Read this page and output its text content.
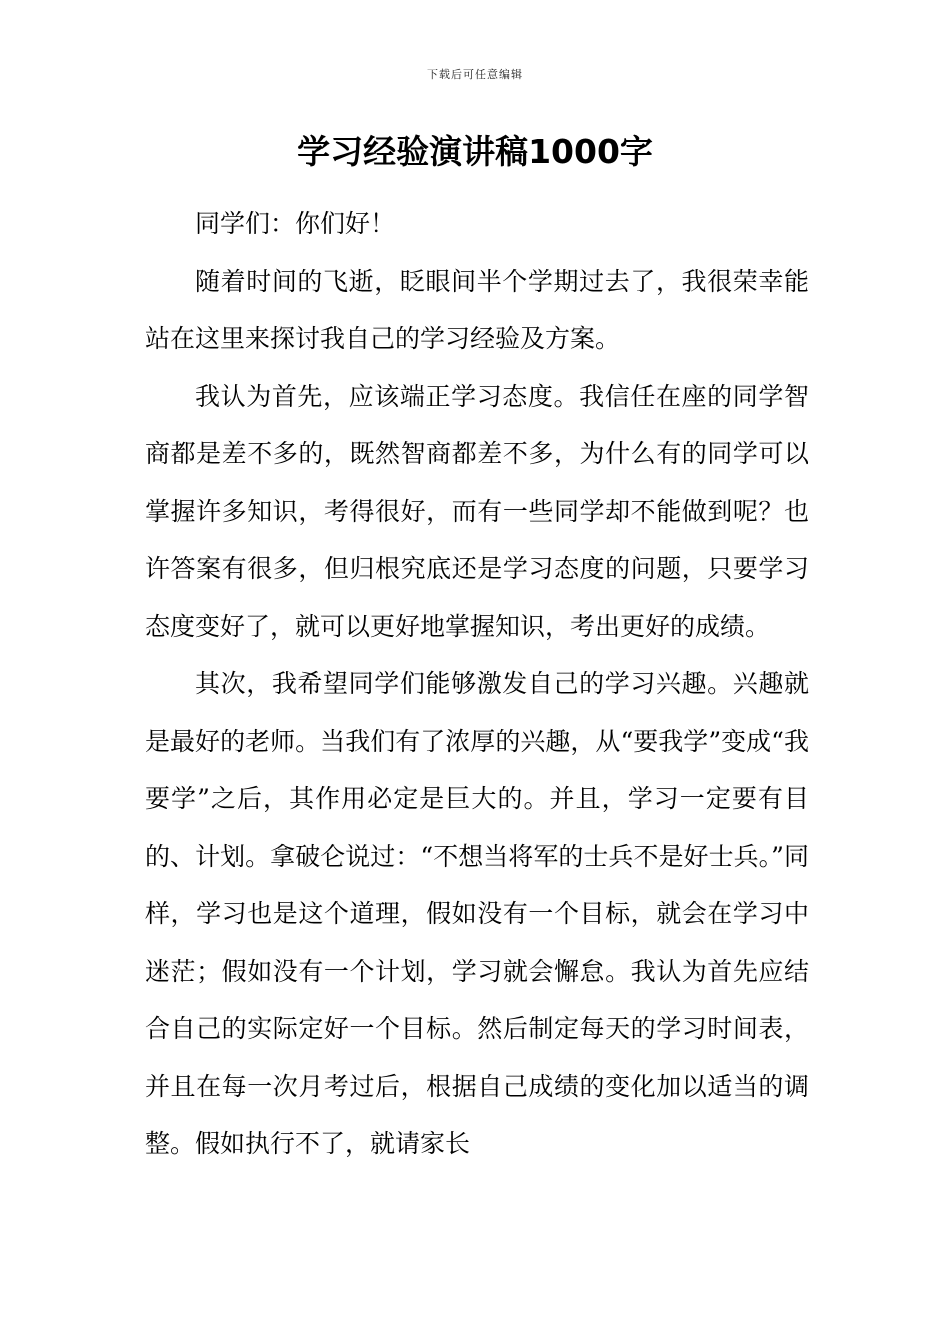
下载后可任意编辑
学习经验演讲稿1000字

同学们：你们好！

随着时间的飞逝，眨眼间半个学期过去了，我很荣幸能站在这里来探讨我自己的学习经验及方案。

我认为首先，应该端正学习态度。我信任在座的同学智商都是差不多的，既然智商都差不多，为什么有的同学可以掌握许多知识，考得很好，而有一些同学却不能做到呢？也许答案有很多，但归根究底还是学习态度的问题，只要学习态度变好了，就可以更好地掌握知识，考出更好的成绩。

其次，我希望同学们能够激发自己的学习兴趣。兴趣就是最好的老师。当我们有了浓厚的兴趣，从“要我学”变成“我要学”之后，其作用必定是巨大的。并且，学习一定要有目的、计划。拿破仑说过：“不想当将军的士兵不是好士兵。”同样，学习也是这个道理，假如没有一个目标，就会在学习中迷茫；假如没有一个计划，学习就会懈怠。我认为首先应结合自己的实际定好一个目标。然后制定每天的学习时间表，并且在每一次月考过后，根据自己成绩的变化加以适当的调整。假如执行不了，就请家长
